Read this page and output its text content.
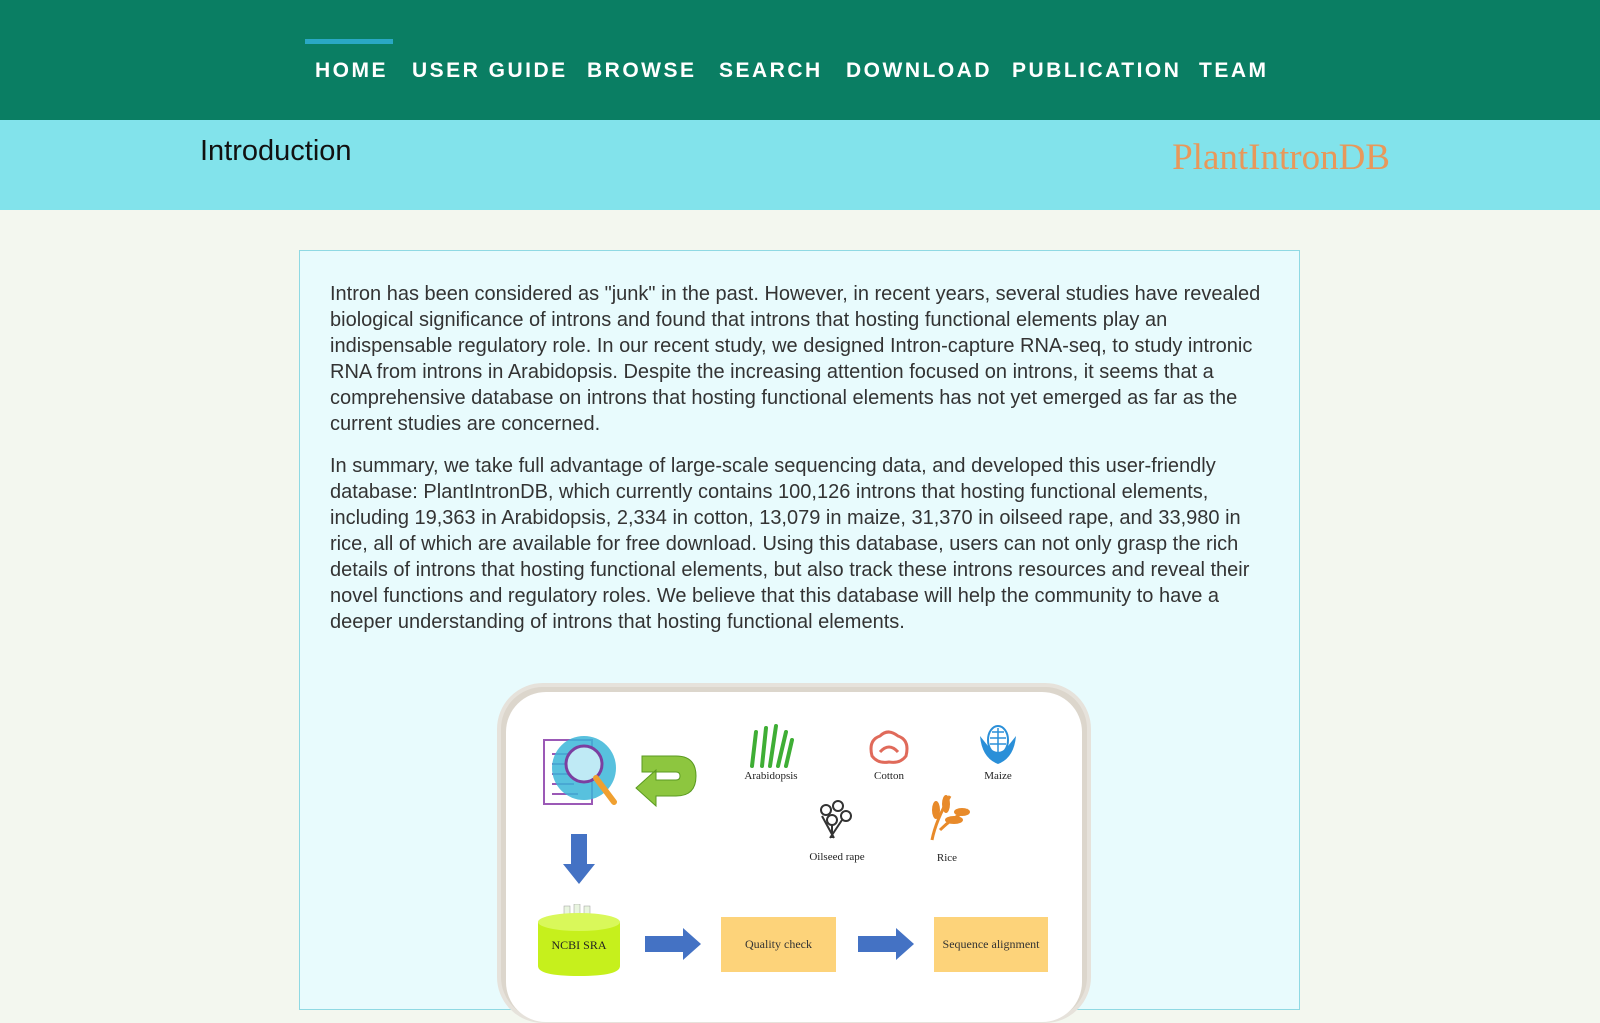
HOME USER GUIDE BROWSE SEARCH DOWNLOAD PUBLICATION TEAM
Introduction	PlantIntronDB
Intron has been considered as "junk" in the past. However, in recent years, several studies have revealed biological significance of introns and found that introns that hosting functional elements play an indispensable regulatory role. In our recent study, we designed Intron-capture RNA-seq, to study intronic RNA from introns in Arabidopsis. Despite the increasing attention focused on introns, it seems that a comprehensive database on introns that hosting functional elements has not yet emerged as far as the current studies are concerned.
In summary, we take full advantage of large-scale sequencing data, and developed this user-friendly database: PlantIntronDB, which currently contains 100,126 introns that hosting functional elements, including 19,363 in Arabidopsis, 2,334 in cotton, 13,079 in maize, 31,370 in oilseed rape, and 33,980 in rice, all of which are available for free download. Using this database, users can not only grasp the rich details of introns that hosting functional elements, but also track these introns resources and reveal their novel functions and regulatory roles. We believe that this database will help the community to have a deeper understanding of introns that hosting functional elements.
Arabidopsis	Cotton	Maize
Oilseed rape	Rice
NCBI SRA	Quality check	Sequence alignment
